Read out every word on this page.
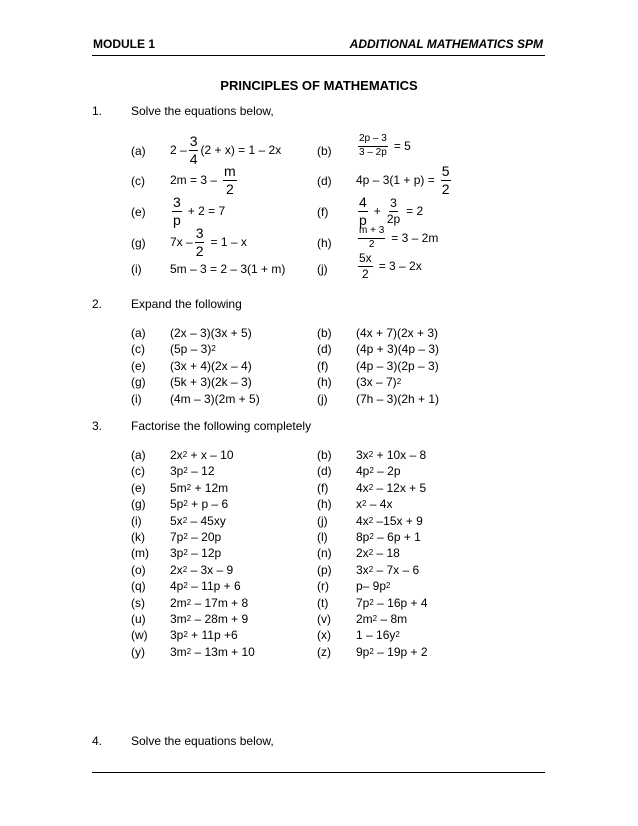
MODULE 1	ADDITIONAL MATHEMATICS SPM
PRINCIPLES OF MATHEMATICS
1. Solve the equations below,
(a) $2 - \frac{3}{4} (2 + x) = 1 - 2x$	(b)	$\frac{2p - 3}{3 - 2p} = 5$
(c) $2m = 3 - \frac{m}{2}$	(d) $4p - 3(1 + p) = \frac{5}{2}$
$(e) \frac{3}{p} + 2 = 7$	$(f) \frac{4}{p} + \frac{3}{2p} = 2$
(g) $7x - \frac{3}{2} = 1 - x$	(h)	$\frac{m + 3}{2} = 3 - 2m$
(i) 5m – 3 = 2 – 3(1 + m)	(j)	$\frac{5x}{2} = 3 - 2x$
2. Expand the following
(a) (2x – 3)(3x + 5)	(b) (4x + 7)(2x + 3)
(c) (5p – 3) 2	(d) (4p + 3)(4p – 3)
(e) (3x + 4)(2x – 4)	(f) (4p – 3)(2p – 3)
(g) (5k + 3)(2k – 3)	(h) (3x – 7) 2
(i) (4m – 3)(2m + 5)	(j) (7h – 3)(2h + 1)
3. Factorise the following completely
(a) 2x 2 + x – 10	(b) 3x 2 + 10x – 8
(c) 3p 2 – 12	(d) 4p 2 – 2p
(e) 5m 2 + 12m	(f) 4x 2 – 12x + 5
(g) 5p 2 + p – 6	(h) x 2 – 4x
(i) 5x 2 – 45xy	(j) 4x 2 –15x + 9
(k) 7p 2 – 20p	(l) 8p 2 – 6p + 1
(m) 3p 2 – 12p	(n) 2x 2 – 18
(o) 2x 2 – 3x – 9	(p) 3x 2 – 7x – 6
(q) 4p 2 – 11p + 6	(r) p– 9p 2
(s) 2m 2 – 17m + 8	(t) 7p 2 – 16p + 4
(u) 3m 2 – 28m + 9	(v) 2m 2 – 8m
(w) 3p 2 + 11p +6	(x) 1 – 16y 2
(y) 3m 2 – 13m + 10	(z) 9p 2 – 19p + 2
4. Solve the equations below,
